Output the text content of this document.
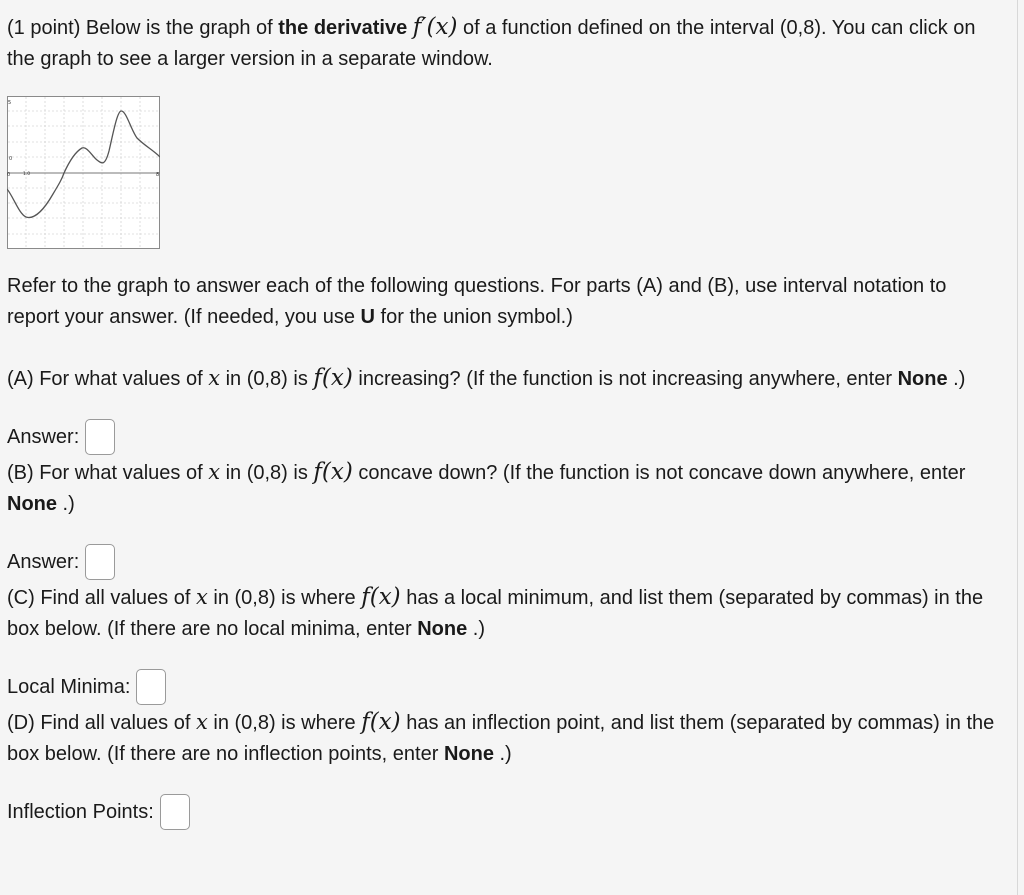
(1 point) Below is the graph of the derivative f′(x) of a function defined on the interval (0,8). You can click on the graph to see a larger version in a separate window.

5
0
0	1.0	8

Refer to the graph to answer each of the following questions. For parts (A) and (B), use interval notation to report your answer. (If needed, you use U for the union symbol.)

(A) For what values of x in (0,8) is f(x) increasing? (If the function is not increasing anywhere, enter None .)

Answer:

(B) For what values of x in (0,8) is f(x) concave down? (If the function is not concave down anywhere, enter None .)

Answer:

(C) Find all values of x in (0,8) is where f(x) has a local minimum, and list them (separated by commas) in the box below. (If there are no local minima, enter None .)

Local Minima:

(D) Find all values of x in (0,8) is where f(x) has an inflection point, and list them (separated by commas) in the box below. (If there are no inflection points, enter None .)

Inflection Points:
